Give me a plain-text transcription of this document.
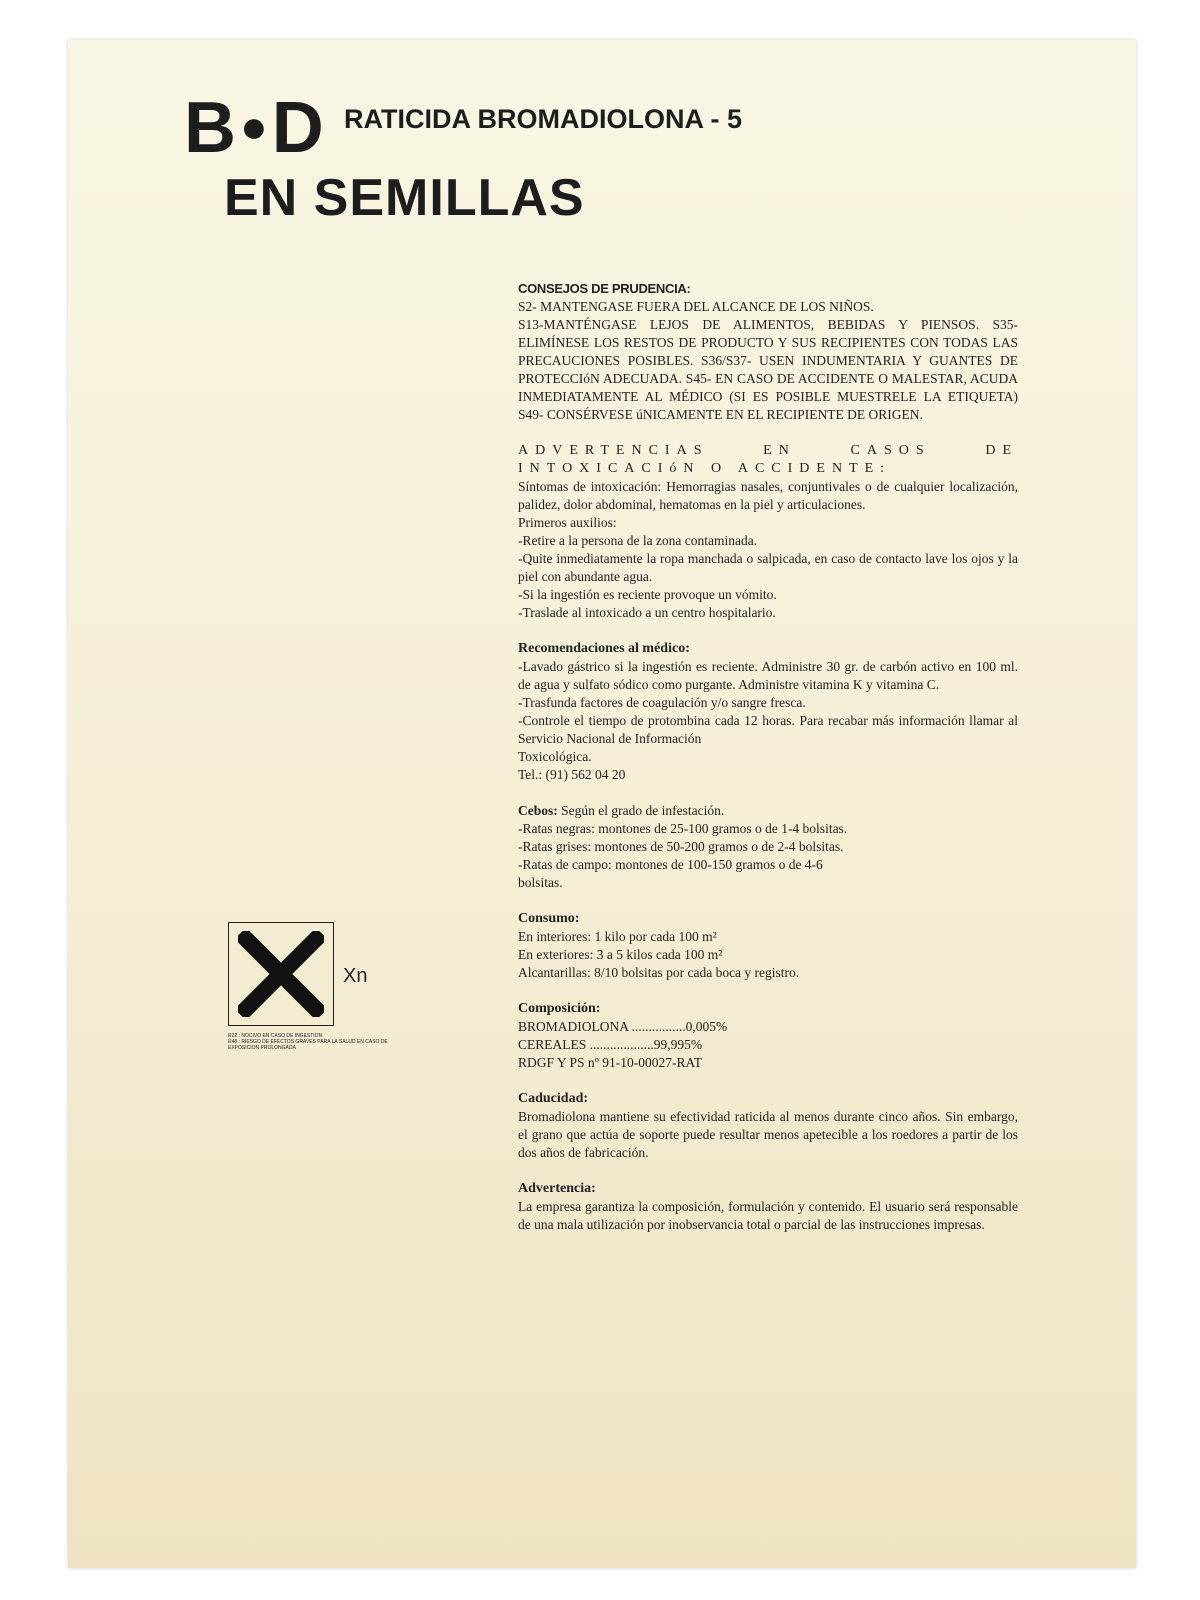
B●D RATICIDA BROMADIOLONA - 5
EN SEMILLAS
CONSEJOS DE PRUDENCIA:
S2- MANTENGASE FUERA DEL ALCANCE DE LOS NIÑOS.
S13-MANTÉNGASE LEJOS DE ALIMENTOS, BEBIDAS Y PIENSOS. S35- ELIMÍNESE LOS RESTOS DE PRODUCTO Y SUS RECIPIENTES CON TODAS LAS PRECAUCIONES POSIBLES. S36/S37- USEN INDUMENTARIA Y GUANTES DE PROTECCIóN ADECUADA. S45- EN CASO DE ACCIDENTE O MALESTAR, ACUDA INMEDIATAMENTE AL MÉDICO (SI ES POSIBLE MUESTRELE LA ETIQUETA) S49- CONSÉRVESE úNICAMENTE EN EL RECIPIENTE DE ORIGEN.
ADVERTENCIAS EN CASOS DE INTOXICACIóN O ACCIDENTE:
Síntomas de intoxicación: Hemorragias nasales, conjuntivales o de cualquier localización, palidez, dolor abdominal, hematomas en la piel y articulaciones.
Primeros auxilios:
-Retire a la persona de la zona contaminada.
-Quite inmediatamente la ropa manchada o salpicada, en caso de contacto lave los ojos y la piel con abundante agua.
-Si la ingestión es reciente provoque un vómito.
-Traslade al intoxicado a un centro hospitalario.
Recomendaciones al médico:
-Lavado gástrico si la ingestión es reciente. Administre 30 gr. de carbón activo en 100 ml. de agua y sulfato sódico como purgante. Administre vitamina K y vitamina C.
-Trasfunda factores de coagulación y/o sangre fresca.
-Controle el tiempo de protombina cada 12 horas. Para recabar más información llamar al Servicio Nacional de Información
Toxicológica.
Tel.: (91) 562 04 20
Cebos: Según el grado de infestación.
-Ratas negras: montones de 25-100 gramos o de 1-4 bolsitas.
-Ratas grises: montones de 50-200 gramos o de 2-4 bolsitas.
-Ratas de campo: montones de 100-150 gramos o de 4-6
bolsitas.
Consumo:
En interiores: 1 kilo por cada 100 m²
En exteriores: 3 a 5 kilos cada 100 m²
Alcantarillas: 8/10 bolsitas por cada boca y registro.
Composición:
BROMADIOLONA ................0,005%
CEREALES ...................99,995%
RDGF Y PS nº 91-10-00027-RAT
Caducidad:
Bromadiolona mantiene su efectividad raticida al menos durante cinco años. Sin embargo, el grano que actúa de soporte puede resultar menos apetecible a los roedores a partir de los dos años de fabricación.
Advertencia:
La empresa garantiza la composición, formulación y contenido. El usuario será responsable de una mala utilización por inobservancia total o parcial de las instrucciones impresas.
Xn
R22 : NOCIVO EN CASO DE INGESTION
R48 : RIESGO DE EFECTOS GRAVES PARA LA SALUD EN CASO DE EXPOSICION PROLONGADA
